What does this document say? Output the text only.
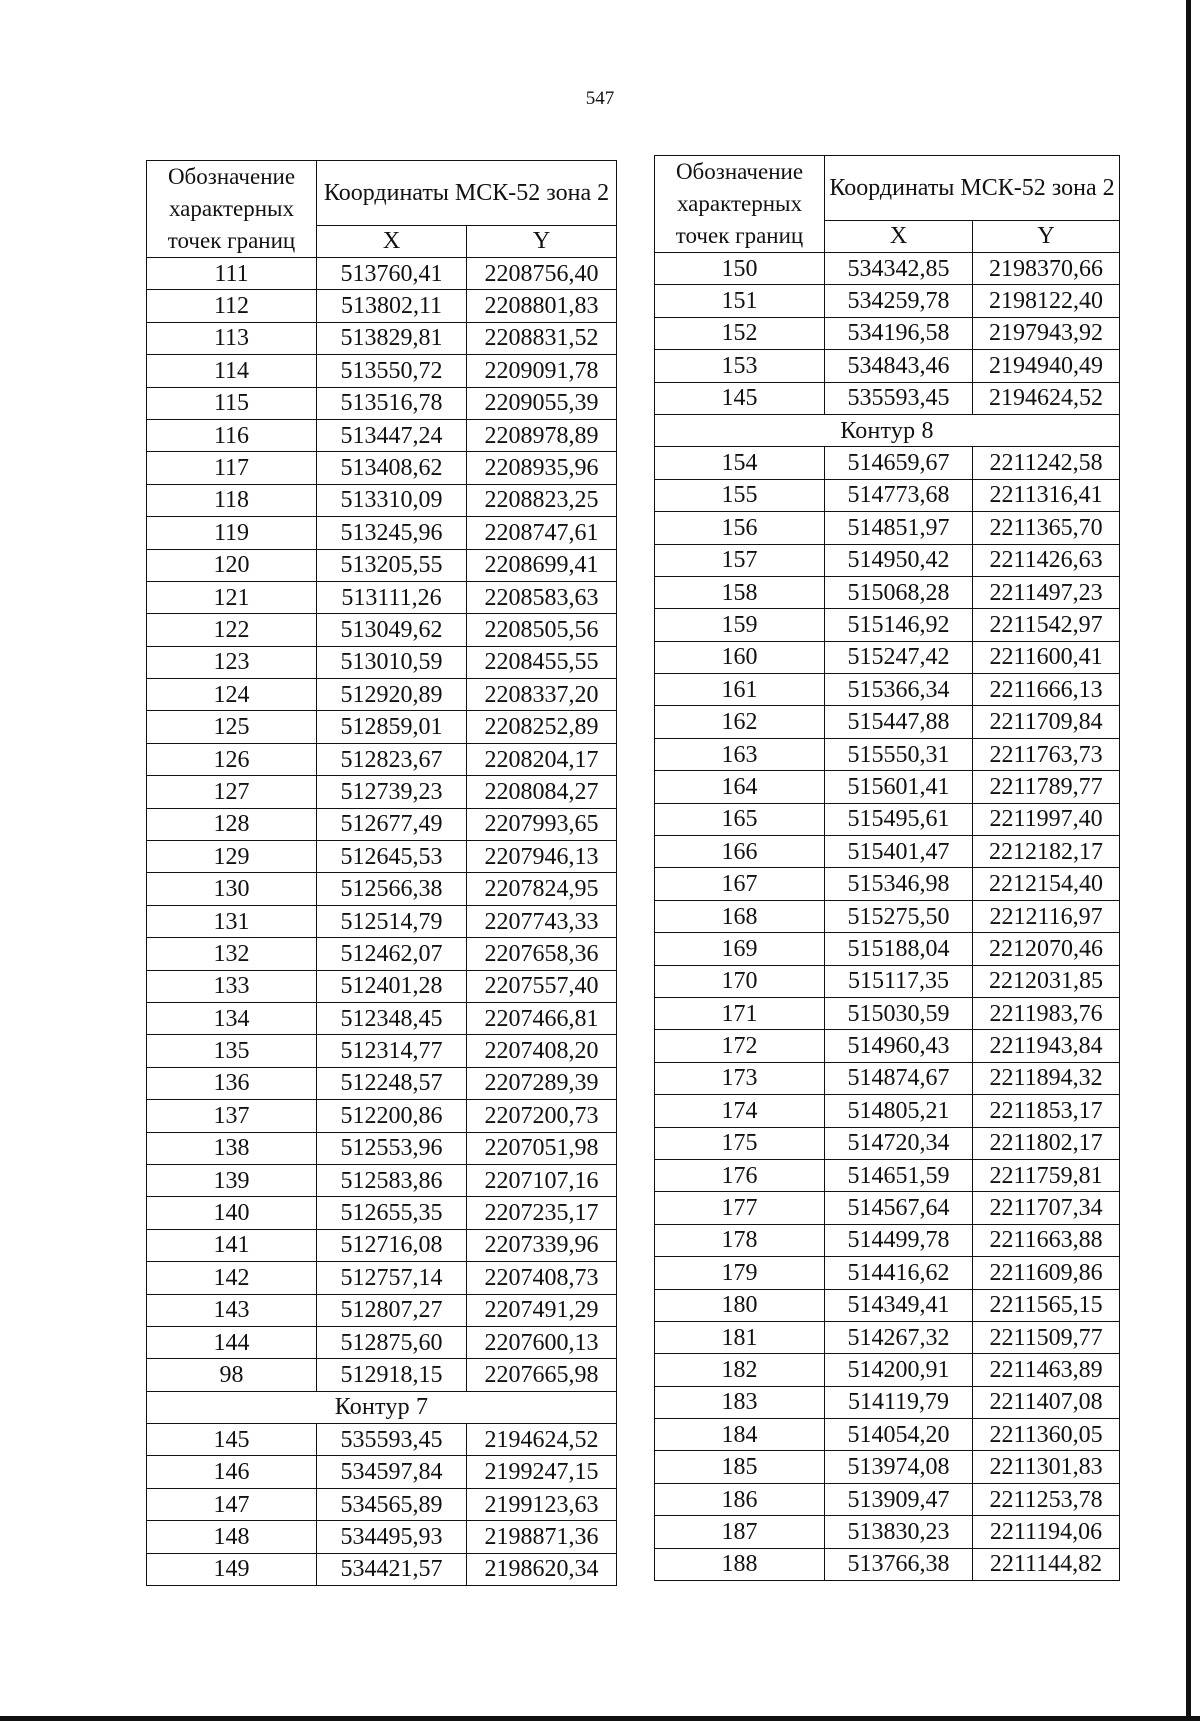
547
Обозначение характерных точек границ	Координаты МСК-52 зона 2	
	X	Y
111	513760,41	2208756,40
112	513802,11	2208801,83
113	513829,81	2208831,52
114	513550,72	2209091,78
115	513516,78	2209055,39
116	513447,24	2208978,89
117	513408,62	2208935,96
118	513310,09	2208823,25
119	513245,96	2208747,61
120	513205,55	2208699,41
121	513111,26	2208583,63
122	513049,62	2208505,56
123	513010,59	2208455,55
124	512920,89	2208337,20
125	512859,01	2208252,89
126	512823,67	2208204,17
127	512739,23	2208084,27
128	512677,49	2207993,65
129	512645,53	2207946,13
130	512566,38	2207824,95
131	512514,79	2207743,33
132	512462,07	2207658,36
133	512401,28	2207557,40
134	512348,45	2207466,81
135	512314,77	2207408,20
136	512248,57	2207289,39
137	512200,86	2207200,73
138	512553,96	2207051,98
139	512583,86	2207107,16
140	512655,35	2207235,17
141	512716,08	2207339,96
142	512757,14	2207408,73
143	512807,27	2207491,29
144	512875,60	2207600,13
98	512918,15	2207665,98
Контур 7		
145	535593,45	2194624,52
146	534597,84	2199247,15
147	534565,89	2199123,63
148	534495,93	2198871,36
149	534421,57	2198620,34
Обозначение характерных точек границ	Координаты МСК-52 зона 2	
	X	Y
150	534342,85	2198370,66
151	534259,78	2198122,40
152	534196,58	2197943,92
153	534843,46	2194940,49
145	535593,45	2194624,52
Контур 8		
154	514659,67	2211242,58
155	514773,68	2211316,41
156	514851,97	2211365,70
157	514950,42	2211426,63
158	515068,28	2211497,23
159	515146,92	2211542,97
160	515247,42	2211600,41
161	515366,34	2211666,13
162	515447,88	2211709,84
163	515550,31	2211763,73
164	515601,41	2211789,77
165	515495,61	2211997,40
166	515401,47	2212182,17
167	515346,98	2212154,40
168	515275,50	2212116,97
169	515188,04	2212070,46
170	515117,35	2212031,85
171	515030,59	2211983,76
172	514960,43	2211943,84
173	514874,67	2211894,32
174	514805,21	2211853,17
175	514720,34	2211802,17
176	514651,59	2211759,81
177	514567,64	2211707,34
178	514499,78	2211663,88
179	514416,62	2211609,86
180	514349,41	2211565,15
181	514267,32	2211509,77
182	514200,91	2211463,89
183	514119,79	2211407,08
184	514054,20	2211360,05
185	513974,08	2211301,83
186	513909,47	2211253,78
187	513830,23	2211194,06
188	513766,38	2211144,82
